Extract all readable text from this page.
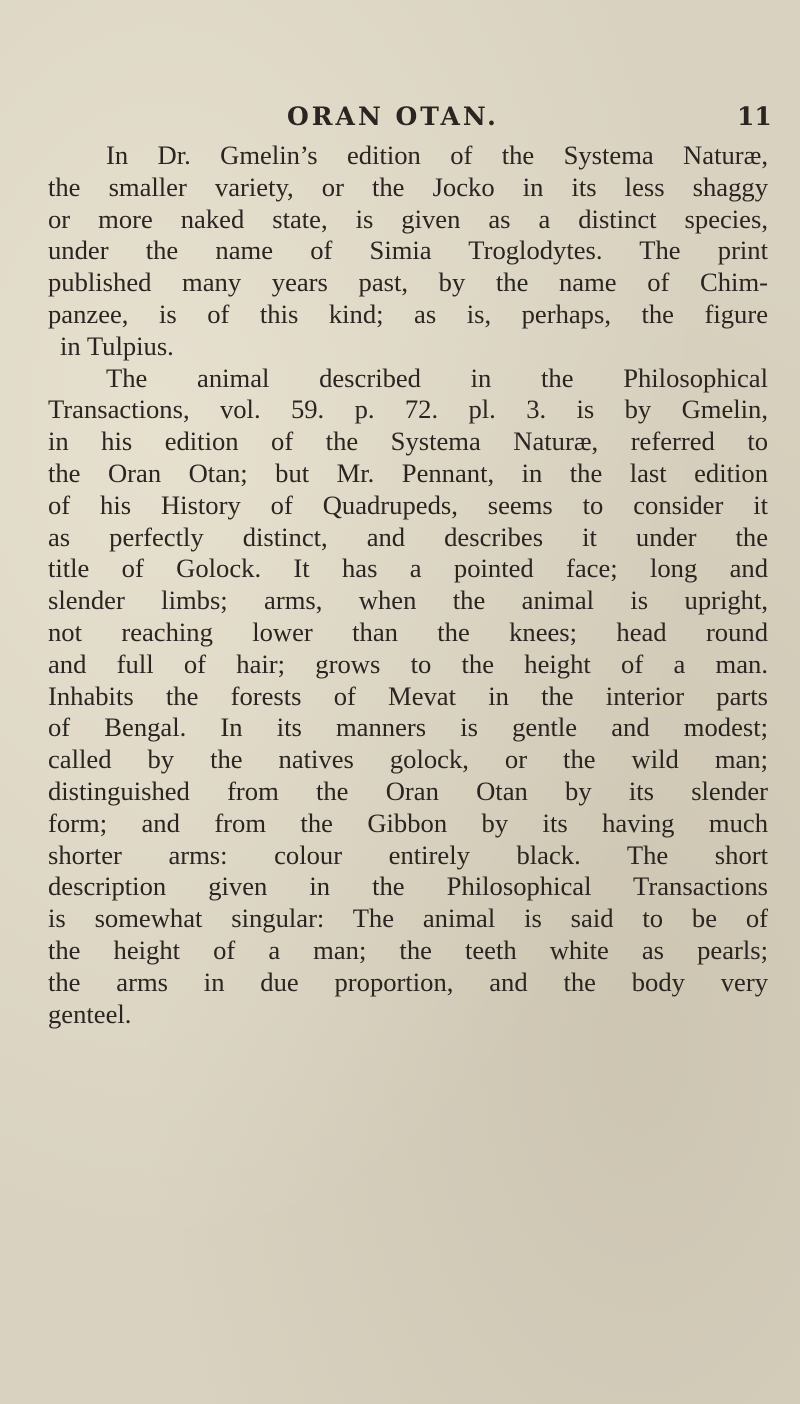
ORAN OTAN.	11
In Dr. Gmelin’s edition of the Systema Naturæ,
the smaller variety, or the Jocko in its less shaggy
or more naked state, is given as a distinct species,
under the name of Simia Troglodytes. The print
published many years past, by the name of Chim-
panzee, is of this kind; as is, perhaps, the figure
in Tulpius.
The animal described in the Philosophical
Transactions, vol. 59. p. 72. pl. 3. is by Gmelin,
in his edition of the Systema Naturæ, referred to
the Oran Otan; but Mr. Pennant, in the last edition
of his History of Quadrupeds, seems to consider it
as perfectly distinct, and describes it under the
title of Golock. It has a pointed face; long and
slender limbs; arms, when the animal is upright,
not reaching lower than the knees; head round
and full of hair; grows to the height of a man.
Inhabits the forests of Mevat in the interior parts
of Bengal. In its manners is gentle and modest;
called by the natives golock, or the wild man;
distinguished from the Oran Otan by its slender
form; and from the Gibbon by its having much
shorter arms: colour entirely black. The short
description given in the Philosophical Transactions
is somewhat singular: The animal is said to be of
the height of a man; the teeth white as pearls;
the arms in due proportion, and the body very
genteel.
